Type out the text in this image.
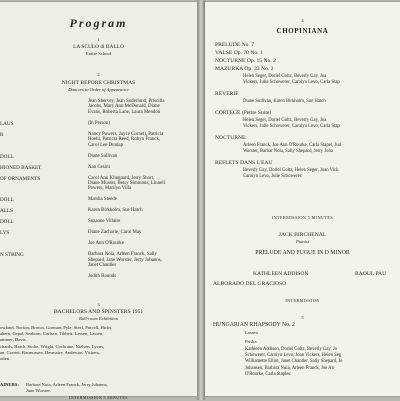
Program
1
LA SCULO di BALLO
Entire School
2
NIGHT BEFORE CHRISTMAS
Dancers in Order of Appearance
Jean Shervey, Jean Soderlund, Priscilla
Jacobs, Mary Ann McDonald, Diane
Evans, Roberta Lane, Laura Mendon
LAUS	(In Person)
R	Nancy Powers, Joyce Cornell, Patricia
Hoehl, Patricia Reed, Robyn Franck,
Carol Lee Dunlap
DOLL	Diane Sullivan
HIONED BASKET	Nan Cesini
OF ORNAMENTS	Carol Ann Klingaard, Jerry Short,
Diane Musser, Betsy Simmons, Linnell
Powers, Marilyn Villa
DOLL	Marsha Steede
ALLS	Karen Birkholm, Sue Hatch
DOLL	Suzanne Villaire
LYS	Diane Zacharie, Carol May
Joe Ann O'Rourke
N STRING	Barbara Noia, Arleen Franck, Sally
Shepard, Jane Worster, Jerry Johanns,
Janet Chantler
Judith Rounds
3
BACHELORS AND SPINSTERS 1951
Ball-room Exhibition
owland, Norton, Brown, Gorman, Pyle, Steel, Purcell, Hicks,
ahern, Cepal, Seaborn, Carlsen, Tibbett, Lassen, Lassen,
ammer, Davis.
chards, Hatch, Stolte, Wright, Cochrane, Nielsen, Lyons,
an, Corrett, Rasmussen, Desmaire, Anderson, Vickers,
oden.
AINERS: Barbara Noia, Arleen Franck, Jerry Johanns,
June Worster.
INTERMISSION 5 MINUTES
4
CHOPINIANA
PRELUDE No. 7
VALSE Op. 70 No. 1
NOCTURNE Op. 15 No. 2
MAZURKA Op. 33 No. 2
Helen Seger, Doriel Goltz, Beverly Gay, Joa
Vickers, Julie Schowerer, Carolyn Levo, Carla Stap
REVERIE
Diane Sullivan, Karen Birkholm, Sue Hatch
CORTEGE (Petite Suite)
Helen Seger, Doriel Goltz, Beverly Gay, Joa
Vickers, Julie Schowerer, Carolyn Levo, Carla Stap
NOCTURNE
Arleen Franck, Joe Ann O'Rourke, Carla Stapel, Jud
Worster, Barbar Noia, Sally Shepard, Jerry Joha
REFLETS DANS L'EAU
Beverly Gay, Doriel Goltz, Helen Seger, Joan Vick
Carolyn Levo, Julie Schowerer.
INTERMISSION 5 MINUTES
JACK BIRCHENAL
Pianist
PRELUDE AND FUGUE IN D MINOR
KATHLEEN ADDISON	RAOUL PAU
ALBORADO DEL GRACIOSO
INTERMISSION
5
HUNGARIAN RHAPSODY No. 2
Lassen
Friska
Kathleen Addison, Doriel Goltz, Beverly Gay, Jo
Schowerer, Carolyn Levo, Joan Vickers, Helen Seg
Williamette Elliot, Janet Chantler, Sally Shepard, Je
Johansen, Barbara Noia, Arleen Franck, Joe An
O'Rourke, Carla Staples.
